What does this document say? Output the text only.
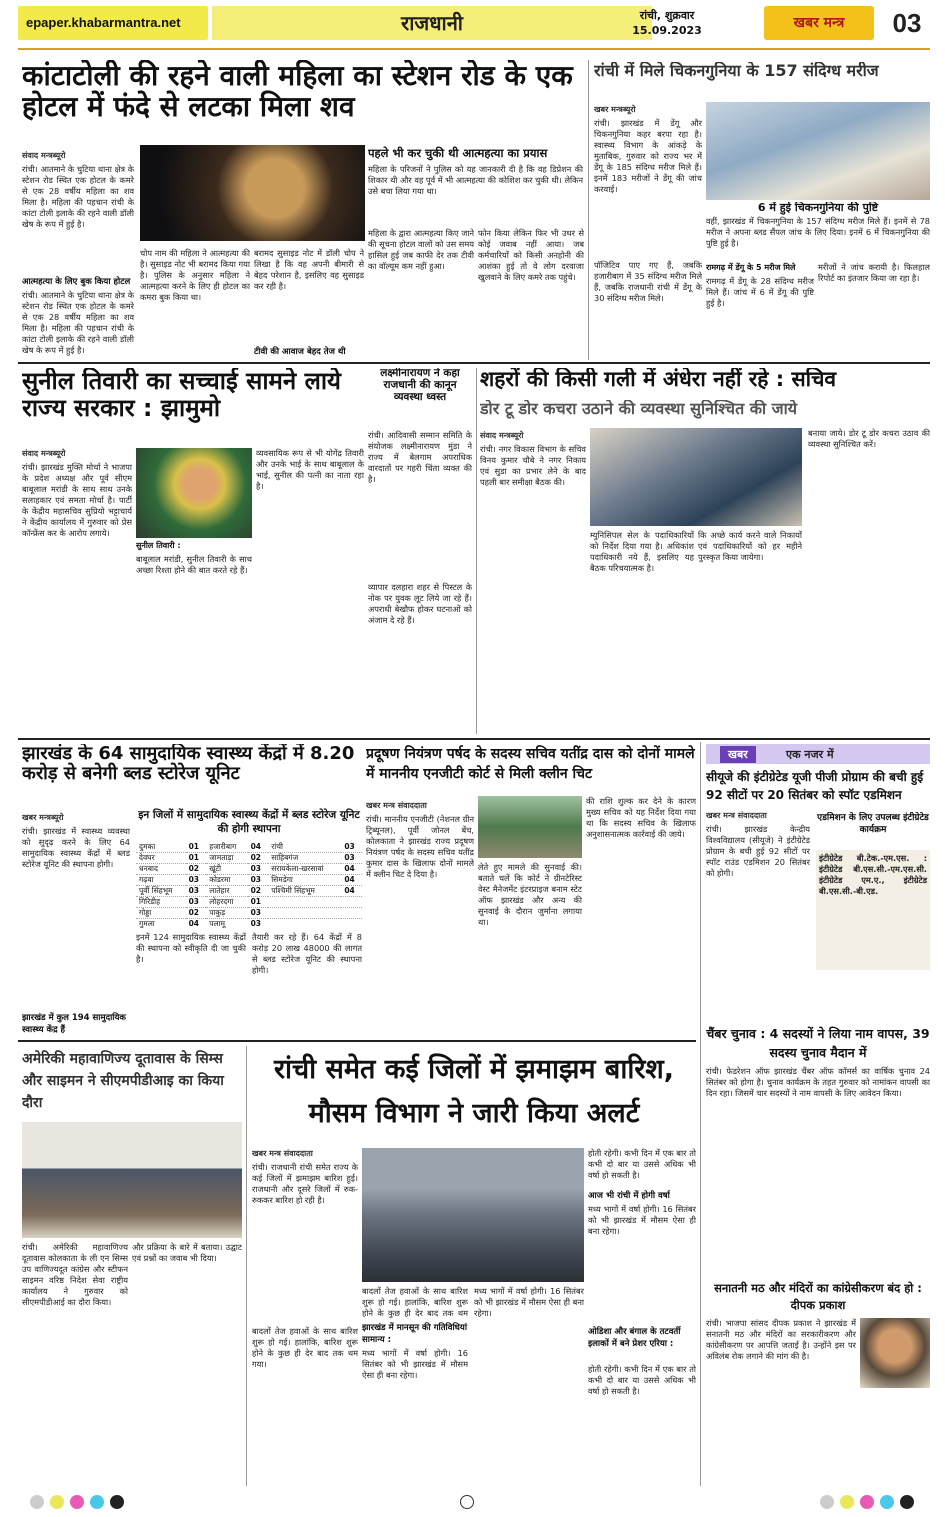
epaper.khabarmantra.net	राजधानी	रांची, शुक्रवार
15.09.2023	खबर मन्त्र	03
कांटाटोली की रहने वाली महिला का स्टेशन रोड के एक होटल में फंदे से लटका मिला शव
संवाद मन्त्रब्यूरो
रांची। आतमाने के चुटिया थाना क्षेत्र के स्टेशन रोड स्थित एक होटल के कमरे से एक 28 वर्षीय महिला का शव मिला है। महिला की पहचान रांची के कांटा टोली इलाके की रहने वाली डॉली खेष के रूप में हुई है।
आत्महत्या के लिए बुक किया होटल
रांची। आतमाने के चुटिया थाना क्षेत्र के स्टेशन रोड स्थित एक होटल के कमरे से एक 28 वर्षीय महिला का शव मिला है। महिला की पहचान रांची के कांटा टोली इलाके की रहने वाली डॉली खेष के रूप में हुई है।
चोप नाम की महिला ने आत्महत्या की है। सुसाइड नोट भी बरामद किया गया है। पुलिस के अनुसार महिला ने आत्महत्या करने के लिए ही होटल का कमरा बुक किया था।
बरामद सुसाइड नोट में डॉली चोप ने लिखा है कि वह अपनी बीमारी से बेहद परेशान है, इसलिए वह सुसाइड कर रही है।
टीवी की आवाज बेहद तेज थी
पहले भी कर चुकी थी आत्महत्या का प्रयास
महिला के परिजनों ने पुलिस को यह जानकारी दी है कि वह डिप्रेशन की शिकार थी और वह पूर्व में भी आत्महत्या की कोशिश कर चुकी थी। लेकिन उसे बचा लिया गया था।
महिला के द्वारा आत्महत्या किए जाने की सूचना होटल वालों को उस समय हासिल हुई जब काफी देर तक टीवी का वॉल्यूम कम नहीं हुआ।
फोन किया लेकिन फिर भी उधर से कोई जवाब नहीं आया। जब कर्मचारियों को किसी अनहोनी की आशंका हुई तो वे लोग दरवाजा खुलवाने के लिए कमरे तक पहुंचे।
रांची में मिले चिकनगुनिया के 157 संदिग्ध मरीज
खबर मन्त्रब्यूरो
रांची। झारखंड में डेंगू और चिकनगुनिया कहर बरपा रहा है। स्वास्थ्य विभाग के आंकड़े के मुताबिक, गुरुवार को राज्य भर में डेंगू के 185 संदिग्ध मरीज मिले हैं। इनमें 183 मरीजों ने डेंगू की जांच करवाई।
6 में हुई चिकनगुनिया की पुष्टि
वहीं, झारखंड में चिकनगुनिया के 157 संदिग्ध मरीज मिले हैं। इनमें से 78 मरीज ने अपना ब्लड सैंपल जांच के लिए दिया। इनमें 6 में चिकनगुनिया की पुष्टि हुई है।
पॉजिटिव पाए गए हैं, जबकि हजारीबाग में 35 संदिग्ध मरीज मिले हैं, जबकि राजधानी रांची में डेंगू के 30 संदिग्ध मरीज मिले।
रामगढ़ में डेंगू के 5 मरीज मिले
रामगढ़ में डेंगू के 28 संदिग्ध मरीज मिले हैं। जांच में 6 में डेंगू की पुष्टि हुई है।
मरीजों ने जांच करायी है। फिलहाल रिपोर्ट का इंतजार किया जा रहा है।
सुनील तिवारी का सच्चाई सामने लाये राज्य सरकार : झामुमो
संवाद मन्त्रब्यूरो
रांची। झारखंड मुक्ति मोर्चा ने भाजपा के प्रदेश अध्यक्ष और पूर्व सीएम बाबूलाल मरांडी के साथ साथ उनके सलाहकार एवं समता मोर्चा है। पार्टी के केंद्रीय महासचिव सुप्रियो भट्टाचार्य ने केंद्रीय कार्यालय में गुरुवार को प्रेस कॉन्फ्रेंस कर के आरोप लगाये।
सुनील तिवारी :
बाबूलाल मरांडी, सुनील तिवारी के साथ अच्छा रिश्ता होने की बात करते रहे हैं।
व्यवसायिक रूप से भी योगेंद्र तिवारी और उनके भाई के साथ बाबूलाल के भाई, सुनील की पत्नी का नाता रहा है।
लक्ष्मीनारायण ने कहा राजधानी की कानून व्यवस्था ध्वस्त
रांची। आदिवासी सम्मान समिति के संयोजक लक्ष्मीनारायण मुंडा ने राज्य में बेलगाम अपराधिक वारदातों पर गहरी चिंता व्यक्त की है।
व्यापार दलहारा शहर से पिस्टल के नोक पर युवक लूट लिये जा रहे हैं। अपराधी बेखौफ होकर घटनाओं को अंजाम दे रहे हैं।
शहरों की किसी गली में अंधेरा नहीं रहे : सचिव
डोर टू डोर कचरा उठाने की व्यवस्था सुनिश्चित की जाये
संवाद मन्त्रब्यूरो
रांची। नगर विकास विभाग के सचिव विनय कुमार चौबे ने नगर निकाय एवं सुडा का प्रभार लेने के बाद पहली बार समीक्षा बैठक की।
म्युनिसिपल सेल के पदाधिकारियों को निर्देश दिया गया है। अधिकांश पदाधिकारी नये हैं, इसलिए यह बैठक परिचयात्मक है।
कि अच्छे कार्य करने वाले निकायों एवं पदाधिकारियों को हर महीने पुरस्कृत किया जायेगा।
बनाया जाये। डोर टू डोर कचरा उठाव की व्यवस्था सुनिश्चित करें।
झारखंड के 64 सामुदायिक स्वास्थ्य केंद्रों में 8.20 करोड़ से बनेगी ब्लड स्टोरेज यूनिट
खबर मन्त्रब्यूरो	इन जिलों में सामुदायिक स्वास्थ्य केंद्रों में ब्लड स्टोरेज यूनिट की होगी स्थापना
रांची। झारखंड में स्वास्थ्य व्यवस्था को सुदृढ़ करने के लिए 64 सामुदायिक स्वास्थ्य केंद्रों में ब्लड स्टोरेज यूनिट की स्थापना होगी।
झारखंड में कुल 194 सामुदायिक स्वास्थ्य केंद्र हैं
दुमका	01	हजारीबाग	04	रांची	03
देवघर	01	जामताड़ा	02	साहिबगंज	03
धनबाद	02	खूंटी	03	सरायकेला-खरसावां	04
गढ़वा	03	कोडरमा	03	सिमडेगा	04
पूर्वी सिंहभूम	03	लातेहार	02	पश्चिमी सिंहभूम	04
गिरिडीह	03	लोहरदगा	01		
गोड्डा	02	पाकुड़	03		
गुमला	04	पलामू	03		
इनमें 124 सामुदायिक स्वास्थ्य केंद्रों की स्थापना को स्वीकृति दी जा चुकी है।
तैयारी कर रहे हैं। 64 केंद्रों में 8 करोड़ 20 लाख 48000 की लागत से ब्लड स्टोरेज यूनिट की स्थापना होगी।
प्रदूषण नियंत्रण पर्षद के सदस्य सचिव यतींद्र दास को दोनों मामले में माननीय एनजीटी कोर्ट से मिली क्लीन चिट
खबर मन्त्र संवाददाता
रांची। माननीय एनजीटी (नेशनल ग्रीन ट्रिब्यूनल), पूर्वी जोनल बेंच, कोलकाता ने झारखंड राज्य प्रदूषण नियंत्रण पर्षद के सदस्य सचिव यतींद्र कुमार दास के खिलाफ दोनों मामले में क्लीन चिट दे दिया है।
लेते हुए मामले की सुनवाई की। बताते चलें कि कोर्ट ने ग्रीनटेरिस्ट वेस्ट मैनेजमेंट इंटरप्राइज बनाम स्टेट ऑफ झारखंड और अन्य की सुनवाई के दौरान जुर्माना लगाया था।
की राशि शुल्क कर देने के कारण मुख्य सचिव को यह निर्देश दिया गया था कि सदस्य सचिव के खिलाफ अनुशासनात्मक कार्रवाई की जाये।
खबर	एक नजर में
सीयूजे की इंटीग्रेटेड यूजी पीजी प्रोग्राम की बची हुई 92 सीटों पर 20 सितंबर को स्पॉट एडमिशन
खबर मन्त्र संवाददाता
रांची। झारखंड केन्द्रीय विश्वविद्यालय (सीयूजे) ने इंटीग्रेटेड प्रोग्राम के बची हुई 92 सीटों पर स्पॉट राउंड एडमिशन 20 सितंबर को होगी।
एडमिशन के लिए उपलब्ध इंटीग्रेटेड कार्यक्रम
इंटीग्रेटेड बी.टेक.-एम.एस. : इंटीग्रेटेड बी.एस.सी.-एम.एस.सी. इंटीग्रेटेड एम.ए., इंटीग्रेटेड बी.एस.सी.-बी.एड.
चैंबर चुनाव : 4 सदस्यों ने लिया नाम वापस, 39 सदस्य चुनाव मैदान में
रांची। फेडरेशन ऑफ झारखंड चैंबर ऑफ कॉमर्स का वार्षिक चुनाव 24 सितंबर को होगा है। चुनाव कार्यक्रम के तहत गुरुवार को नामांकन वापसी का दिन रहा। जिसमें चार सदस्यों ने नाम वापसी के लिए आवेदन किया।
सनातनी मठ और मंदिरों का कांग्रेसीकरण बंद हो : दीपक प्रकाश
रांची। भाजपा सांसद दीपक प्रकाश ने झारखंड में सनातनी मठ और मंदिरों का सरकारीकरण और कांग्रेसीकरण पर आपत्ति जताई है। उन्होंने इस पर अविलंब रोक लगाने की मांग की है।
अमेरिकी महावाणिज्य दूतावास के सिम्स और साइमन ने सीएमपीडीआइ का किया दौरा
रांची। अमेरिकी महावाणिज्य दूतावास कोलकाता के ली एन सिम्स उप वाणिज्यदूत कांग्रेस और स्टीफन साइमन वरिष्ठ निदेश सेवा राष्ट्रीय कार्यालय ने गुरुवार को सीएमपीडीआई का दौरा किया।
और प्रक्रिया के बारे में बताया। उद्घाट एवं प्रश्नों का जवाब भी दिया।
रांची समेत कई जिलों में झमाझम बारिश, मौसम विभाग ने जारी किया अलर्ट
खबर मन्त्र संवाददाता
रांची। राजधानी रांची समेत राज्य के कई जिलों में झमाझम बारिश हुई। राजधानी और दूसरे जिलों में रुक-रुककर बारिश हो रही है।
झारखंड में मानसून की गतिविधियां सामान्य :
बादलों तेज हवाओं के साथ बारिश शुरू हो गई। हालांकि, बारिश शुरू होने के कुछ ही देर बाद तक थम
बादलों तेज हवाओं के साथ बारिश शुरू हो गई। हालांकि, बारिश शुरू होने के कुछ ही देर बाद तक थम गया।
मध्य भागों में वर्षा होगी। 16 सितंबर को भी झारखंड में मौसम ऐसा ही बना रहेगा।
मध्य भागों में वर्षा होगी। 16 सितंबर को भी झारखंड में मौसम ऐसा ही बना रहेगा।
होती रहेगी। कभी दिन में एक बार तो कभी दो बार या उससे अधिक भी वर्षा हो सकती है।
आज भी रांची में होगी वर्षा
मध्य भागों में वर्षा होगी। 16 सितंबर को भी झारखंड में मौसम ऐसा ही बना रहेगा।
ओडिशा और बंगाल के तटवर्ती इलाकों में बने प्रेशर एरिया :
होती रहेगी। कभी दिन में एक बार तो कभी दो बार या उससे अधिक भी वर्षा हो सकती है।
